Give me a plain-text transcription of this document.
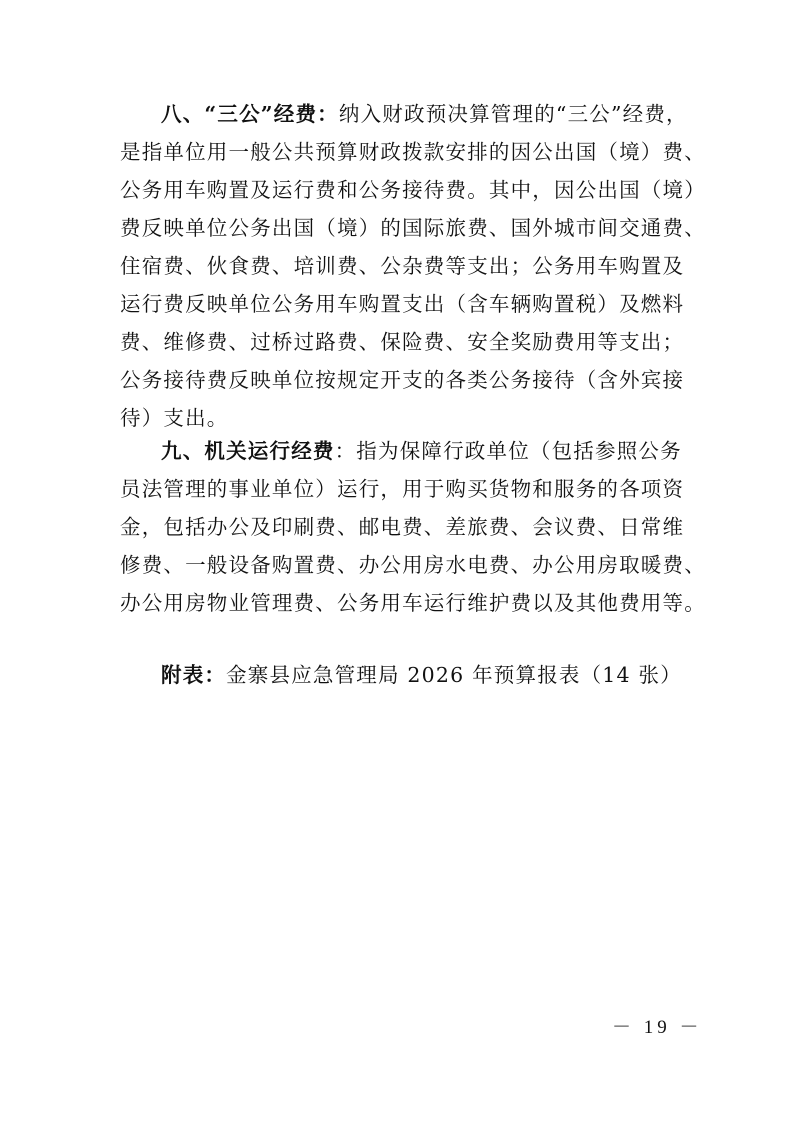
八、“三公”经费：纳入财政预决算管理的“三公”经费，
是指单位用一般公共预算财政拨款安排的因公出国（境）费、
公务用车购置及运行费和公务接待费。其中，因公出国（境）
费反映单位公务出国（境）的国际旅费、国外城市间交通费、
住宿费、伙食费、培训费、公杂费等支出；公务用车购置及
运行费反映单位公务用车购置支出（含车辆购置税）及燃料
费、维修费、过桥过路费、保险费、安全奖励费用等支出；
公务接待费反映单位按规定开支的各类公务接待（含外宾接
待）支出。
九、机关运行经费：指为保障行政单位（包括参照公务
员法管理的事业单位）运行，用于购买货物和服务的各项资
金，包括办公及印刷费、邮电费、差旅费、会议费、日常维
修费、一般设备购置费、办公用房水电费、办公用房取暖费、
办公用房物业管理费、公务用车运行维护费以及其他费用等。
附表：金寨县应急管理局 2026 年预算报表（14 张）
－ 19 －
